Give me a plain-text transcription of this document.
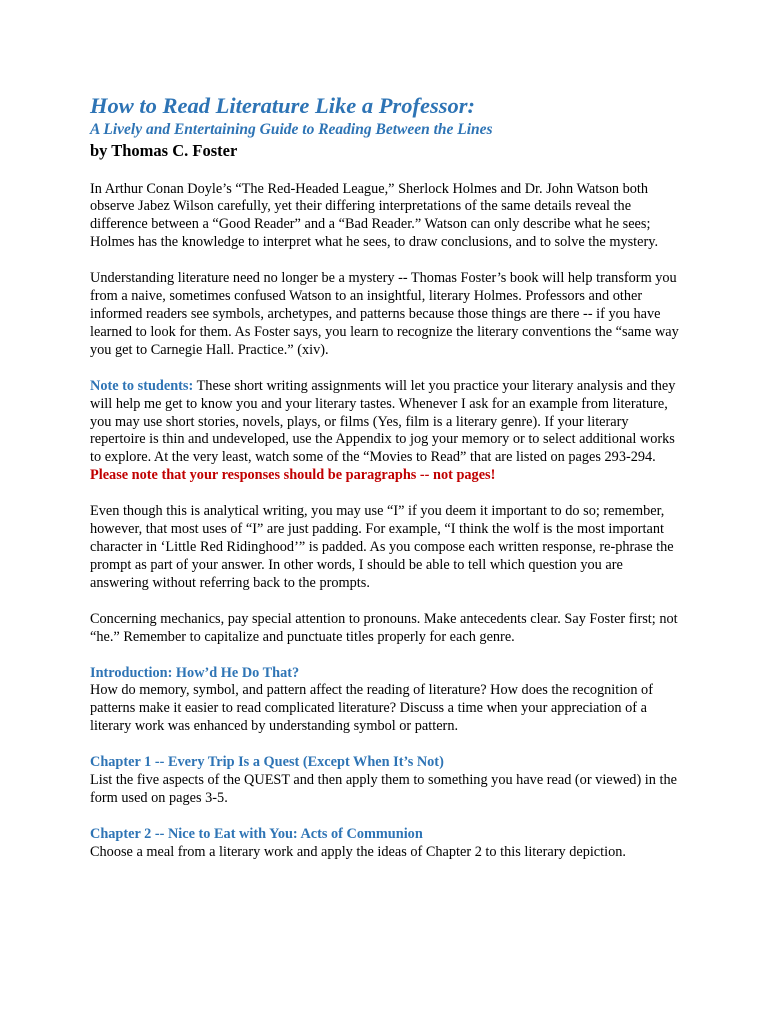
How to Read Literature Like a Professor:
A Lively and Entertaining Guide to Reading Between the Lines
by Thomas C. Foster

In Arthur Conan Doyle’s “The Red-Headed League,” Sherlock Holmes and Dr. John Watson both observe Jabez Wilson carefully, yet their differing interpretations of the same details reveal the difference between a “Good Reader” and a “Bad Reader.” Watson can only describe what he sees; Holmes has the knowledge to interpret what he sees, to draw conclusions, and to solve the mystery.

Understanding literature need no longer be a mystery -- Thomas Foster’s book will help transform you from a naive, sometimes confused Watson to an insightful, literary Holmes. Professors and other informed readers see symbols, archetypes, and patterns because those things are there -- if you have learned to look for them. As Foster says, you learn to recognize the literary conventions the “same way you get to Carnegie Hall. Practice.” (xiv).

Note to students: These short writing assignments will let you practice your literary analysis and they will help me get to know you and your literary tastes. Whenever I ask for an example from literature, you may use short stories, novels, plays, or films (Yes, film is a literary genre). If your literary repertoire is thin and undeveloped, use the Appendix to jog your memory or to select additional works to explore. At the very least, watch some of the “Movies to Read” that are listed on pages 293-294. Please note that your responses should be paragraphs -- not pages!

Even though this is analytical writing, you may use “I” if you deem it important to do so; remember, however, that most uses of “I” are just padding. For example, “I think the wolf is the most important character in ‘Little Red Ridinghood’” is padded. As you compose each written response, re-phrase the prompt as part of your answer. In other words, I should be able to tell which question you are answering without referring back to the prompts.

Concerning mechanics, pay special attention to pronouns. Make antecedents clear. Say Foster first; not “he.” Remember to capitalize and punctuate titles properly for each genre.

Introduction: How’d He Do That?

How do memory, symbol, and pattern affect the reading of literature? How does the recognition of patterns make it easier to read complicated literature? Discuss a time when your appreciation of a literary work was enhanced by understanding symbol or pattern.

Chapter 1 -- Every Trip Is a Quest (Except When It’s Not)

List the five aspects of the QUEST and then apply them to something you have read (or viewed) in the form used on pages 3-5.

Chapter 2 -- Nice to Eat with You: Acts of Communion

Choose a meal from a literary work and apply the ideas of Chapter 2 to this literary depiction.
